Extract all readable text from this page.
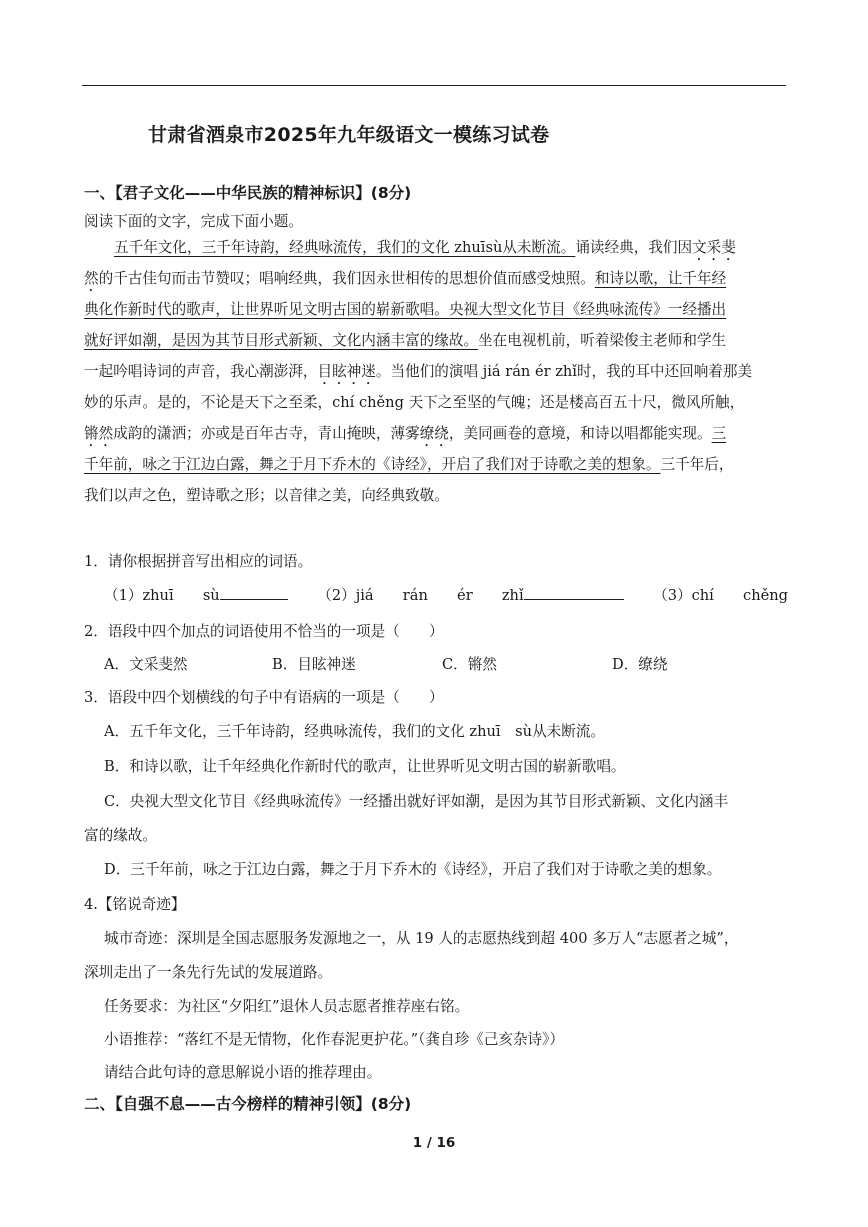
甘肃省酒泉市2025年九年级语文一模练习试卷
一、【君子文化——中华民族的精神标识】(8分)
阅读下面的文字，完成下面小题。
五千年文化，三千年诗韵，经典咏流传，我们的文化 zhuīsù从未断流。诵读经典，我们因文采斐
然的千古佳句而击节赞叹；唱响经典，我们因永世相传的思想价值而感受烛照。和诗以歌，让千年经
典化作新时代的歌声，让世界听见文明古国的崭新歌唱。央视大型文化节目《经典咏流传》一经播出
就好评如潮，是因为其节目形式新颖、文化内涵丰富的缘故。坐在电视机前，听着梁俊主老师和学生
一起吟唱诗词的声音，我心潮澎湃，目眩神迷。当他们的演唱 jiá rán ér zhǐ时，我的耳中还回响着那美
妙的乐声。是的，不论是天下之至柔，chí chěng 天下之至坚的气魄；还是楼高百五十尺，微风所触，
锵然成韵的潇洒；亦或是百年古寺，青山掩映，薄雾缭绕，美同画卷的意境，和诗以唱都能实现。三
千年前，咏之于江边白露，舞之于月下乔木的《诗经》，开启了我们对于诗歌之美的想象。三千年后，
我们以声之色，塑诗歌之形；以音律之美，向经典致敬。
1．请你根据拼音写出相应的词语。
（1）zhuī　　sù	（2）jiá　　rán　　ér　　zhǐ	（3）chí　　chěng
2．语段中四个加点的词语使用不恰当的一项是（　　）
A．文采斐然	B．目眩神迷	C．锵然	D．缭绕
3．语段中四个划横线的句子中有语病的一项是（　　）
A．五千年文化，三千年诗韵，经典咏流传，我们的文化 zhuī　sù从未断流。
B．和诗以歌，让千年经典化作新时代的歌声，让世界听见文明古国的崭新歌唱。
C．央视大型文化节目《经典咏流传》一经播出就好评如潮，是因为其节目形式新颖、文化内涵丰
富的缘故。
D．三千年前，咏之于江边白露，舞之于月下乔木的《诗经》，开启了我们对于诗歌之美的想象。
4.【铭说奇迹】
城市奇迹：深圳是全国志愿服务发源地之一，从 19 人的志愿热线到超 400 多万人“志愿者之城”，
深圳走出了一条先行先试的发展道路。
任务要求：为社区“夕阳红”退休人员志愿者推荐座右铭。
小语推荐：“落红不是无情物，化作春泥更护花。”（龚自珍《己亥杂诗》）
请结合此句诗的意思解说小语的推荐理由。
二、【自强不息——古今榜样的精神引领】(8分)
1 / 16
